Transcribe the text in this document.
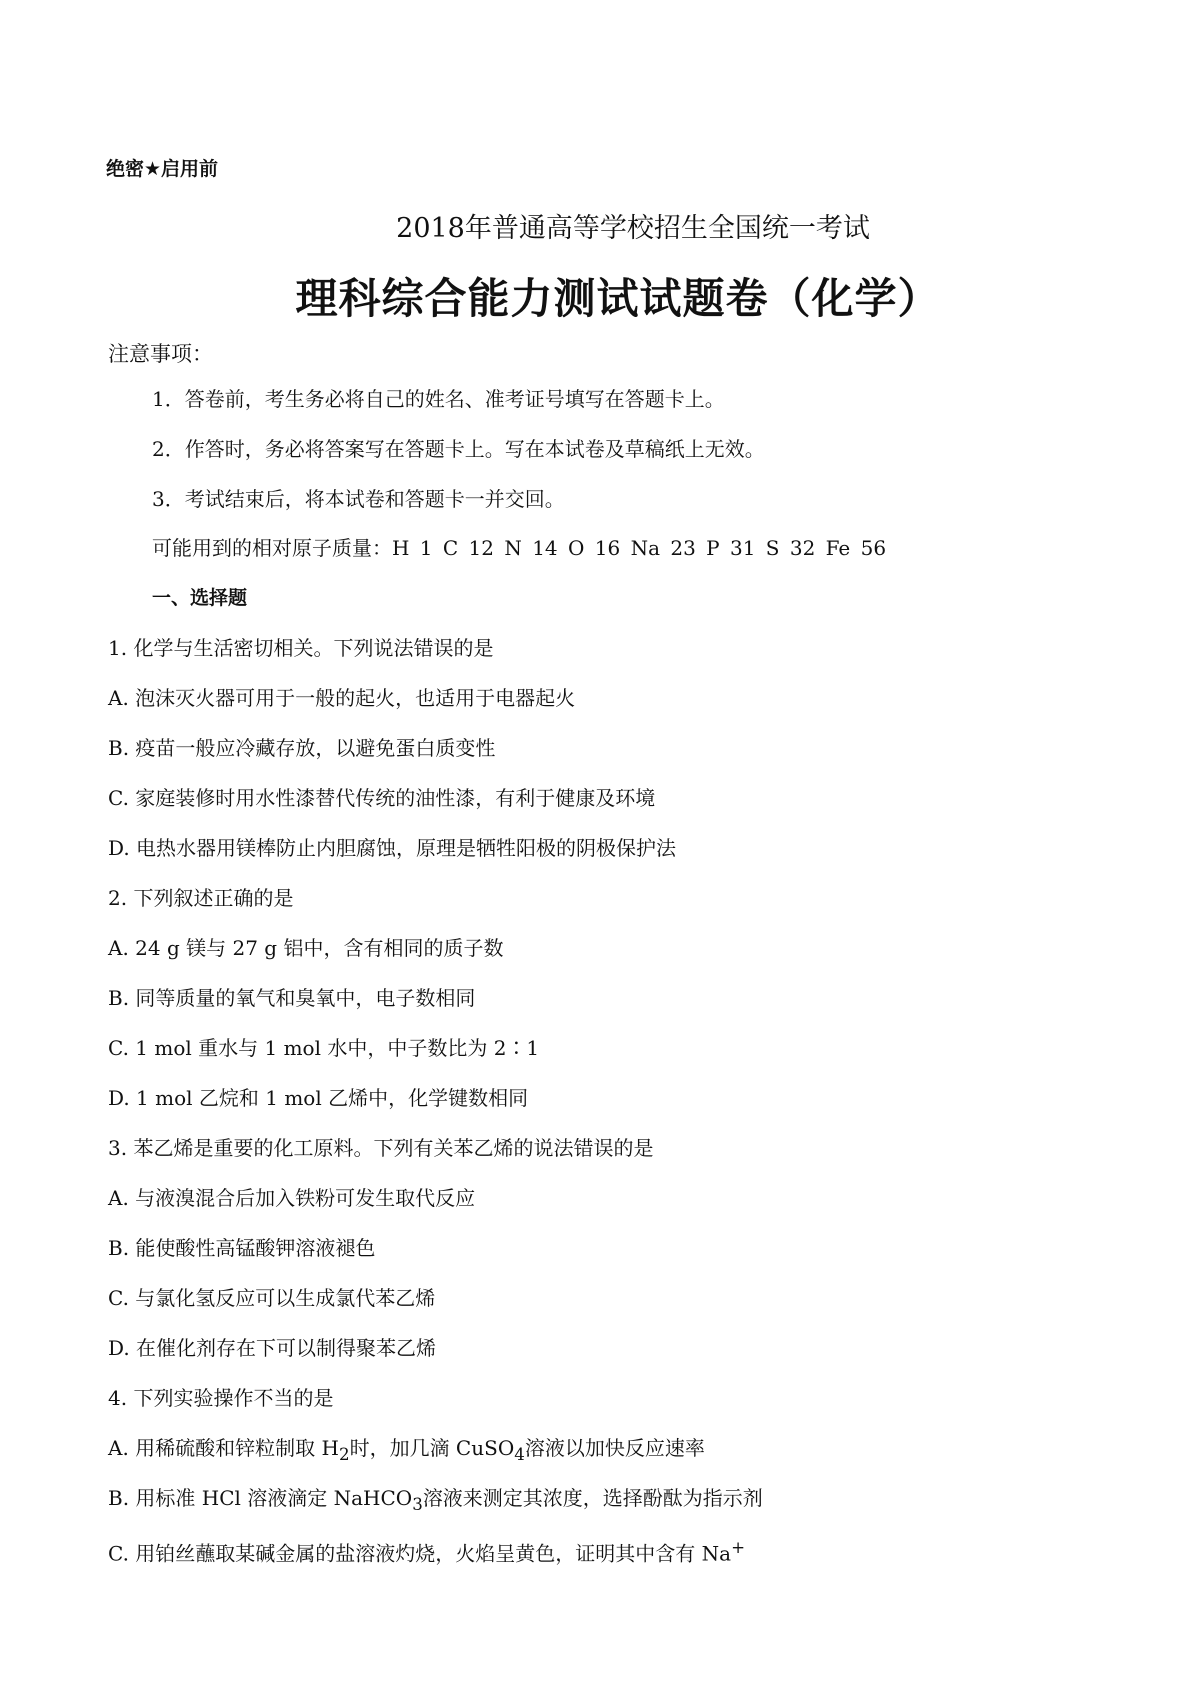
绝密★启用前
2018年普通高等学校招生全国统一考试
理科综合能力测试试题卷（化学）
注意事项：
1．答卷前，考生务必将自己的姓名、准考证号填写在答题卡上。
2．作答时，务必将答案写在答题卡上。写在本试卷及草稿纸上无效。
3．考试结束后，将本试卷和答题卡一并交回。
可能用到的相对原子质量：H 1 C 12 N 14 O 16 Na 23 P 31 S 32 Fe 56
一、选择题
1. 化学与生活密切相关。下列说法错误的是
A. 泡沫灭火器可用于一般的起火，也适用于电器起火
B. 疫苗一般应冷藏存放，以避免蛋白质变性
C. 家庭装修时用水性漆替代传统的油性漆，有利于健康及环境
D. 电热水器用镁棒防止内胆腐蚀，原理是牺牲阳极的阴极保护法
2. 下列叙述正确的是
A. 24 g 镁与 27 g 铝中，含有相同的质子数
B. 同等质量的氧气和臭氧中，电子数相同
C. 1 mol 重水与 1 mol 水中，中子数比为 2∶1
D. 1 mol 乙烷和 1 mol 乙烯中，化学键数相同
3. 苯乙烯是重要的化工原料。下列有关苯乙烯的说法错误的是
A. 与液溴混合后加入铁粉可发生取代反应
B. 能使酸性高锰酸钾溶液褪色
C. 与氯化氢反应可以生成氯代苯乙烯
D. 在催化剂存在下可以制得聚苯乙烯
4. 下列实验操作不当的是
A. 用稀硫酸和锌粒制取 $H_2$时，加几滴 CuSO$_4$溶液以加快反应速率
B. 用标准 HCl 溶液滴定 NaHCO$_3$溶液来测定其浓度，选择酚酞为指示剂
C. 用铂丝蘸取某碱金属的盐溶液灼烧，火焰呈黄色，证明其中含有 Na+
